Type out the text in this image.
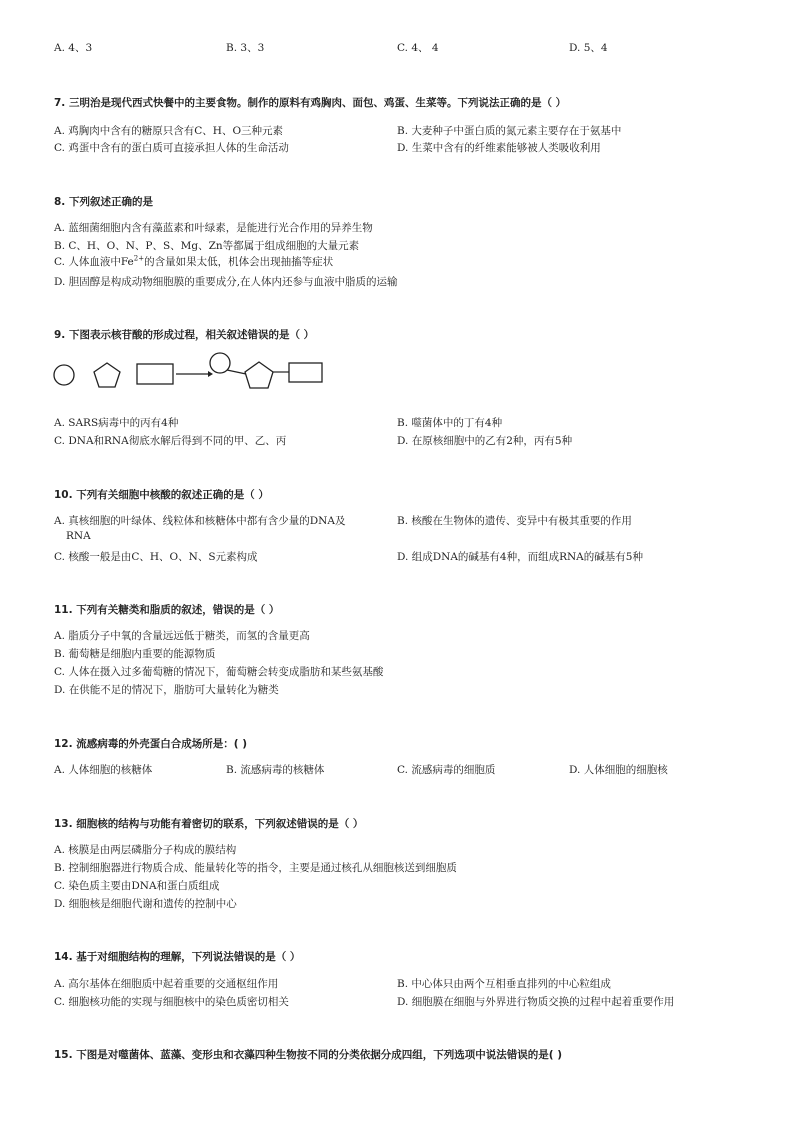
A. 4、3	B. 3、3	C. 4、 4	D. 5、4
7. 三明治是现代西式快餐中的主要食物。制作的原料有鸡胸肉、面包、鸡蛋、生菜等。下列说法正确的是（ ）
A. 鸡胸肉中含有的糖原只含有C、H、O三种元素	B. 大麦种子中蛋白质的氮元素主要存在于氨基中
C. 鸡蛋中含有的蛋白质可直接承担人体的生命活动	D. 生菜中含有的纤维素能够被人类吸收利用
8. 下列叙述正确的是
A. 蓝细菌细胞内含有藻蓝素和叶绿素，是能进行光合作用的异养生物
B. C、H、O、N、P、S、Mg、Zn等都属于组成细胞的大量元素
C. 人体血液中$Fe^{2+}$的含量如果太低，机体会出现抽搐等症状
D. 胆固醇是构成动物细胞膜的重要成分,在人体内还参与血液中脂质的运输
9. 下图表示核苷酸的形成过程，相关叙述错误的是（ ）
A. SARS病毒中的丙有4种	B. 噬菌体中的丁有4种
C. DNA和RNA彻底水解后得到不同的甲、乙、丙	D. 在原核细胞中的乙有2种，丙有5种
10. 下列有关细胞中核酸的叙述正确的是（ ）
A. 真核细胞的叶绿体、线粒体和核糖体中都有含少量的DNA及
RNA
B. 核酸在生物体的遗传、变异中有极其重要的作用
C. 核酸一般是由C、H、O、N、S元素构成	D. 组成DNA的碱基有4种，而组成RNA的碱基有5种
11. 下列有关糖类和脂质的叙述，错误的是（ ）
A. 脂质分子中氧的含量远远低于糖类，而氢的含量更高
B. 葡萄糖是细胞内重要的能源物质
C. 人体在摄入过多葡萄糖的情况下，葡萄糖会转变成脂肪和某些氨基酸
D. 在供能不足的情况下，脂肪可大量转化为糖类
12. 流感病毒的外壳蛋白合成场所是：( )
A. 人体细胞的核糖体	B. 流感病毒的核糖体	C. 流感病毒的细胞质	D. 人体细胞的细胞核
13. 细胞核的结构与功能有着密切的联系，下列叙述错误的是（ ）
A. 核膜是由两层磷脂分子构成的膜结构
B. 控制细胞器进行物质合成、能量转化等的指令，主要是通过核孔从细胞核送到细胞质
C. 染色质主要由DNA和蛋白质组成
D. 细胞核是细胞代谢和遗传的控制中心
14. 基于对细胞结构的理解，下列说法错误的是（ ）
A. 高尔基体在细胞质中起着重要的交通枢纽作用	B. 中心体只由两个互相垂直排列的中心粒组成
C. 细胞核功能的实现与细胞核中的染色质密切相关	D. 细胞膜在细胞与外界进行物质交换的过程中起着重要作用
15. 下图是对噬菌体、蓝藻、变形虫和衣藻四种生物按不同的分类依据分成四组，下列选项中说法错误的是( )
